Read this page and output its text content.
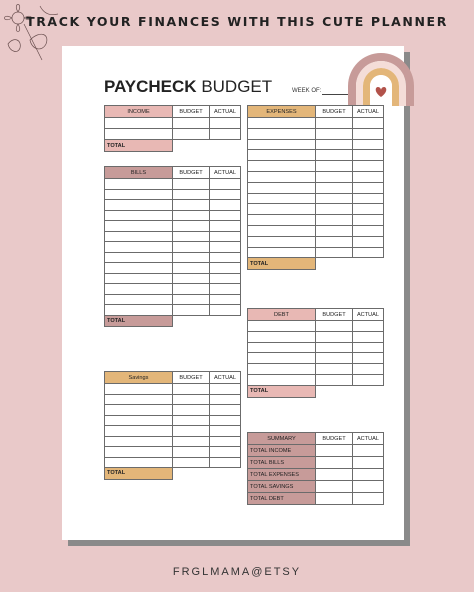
TRACK YOUR FINANCES WITH THIS CUTE PLANNER
PAYCHECK BUDGET	WEEK OF:
INCOME	BUDGET	ACTUAL

TOTAL		
BILLS	BUDGET	ACTUAL

TOTAL		
Savings	BUDGET	ACTUAL

TOTAL		
EXPENSES	BUDGET	ACTUAL

TOTAL		
DEBT	BUDGET	ACTUAL

TOTAL		
SUMMARY	BUDGET	ACTUAL
TOTAL INCOME		
TOTAL BILLS		
TOTAL EXPENSES		
TOTAL SAVINGS		
TOTAL DEBT		
FRGLMAMA@ETSY
